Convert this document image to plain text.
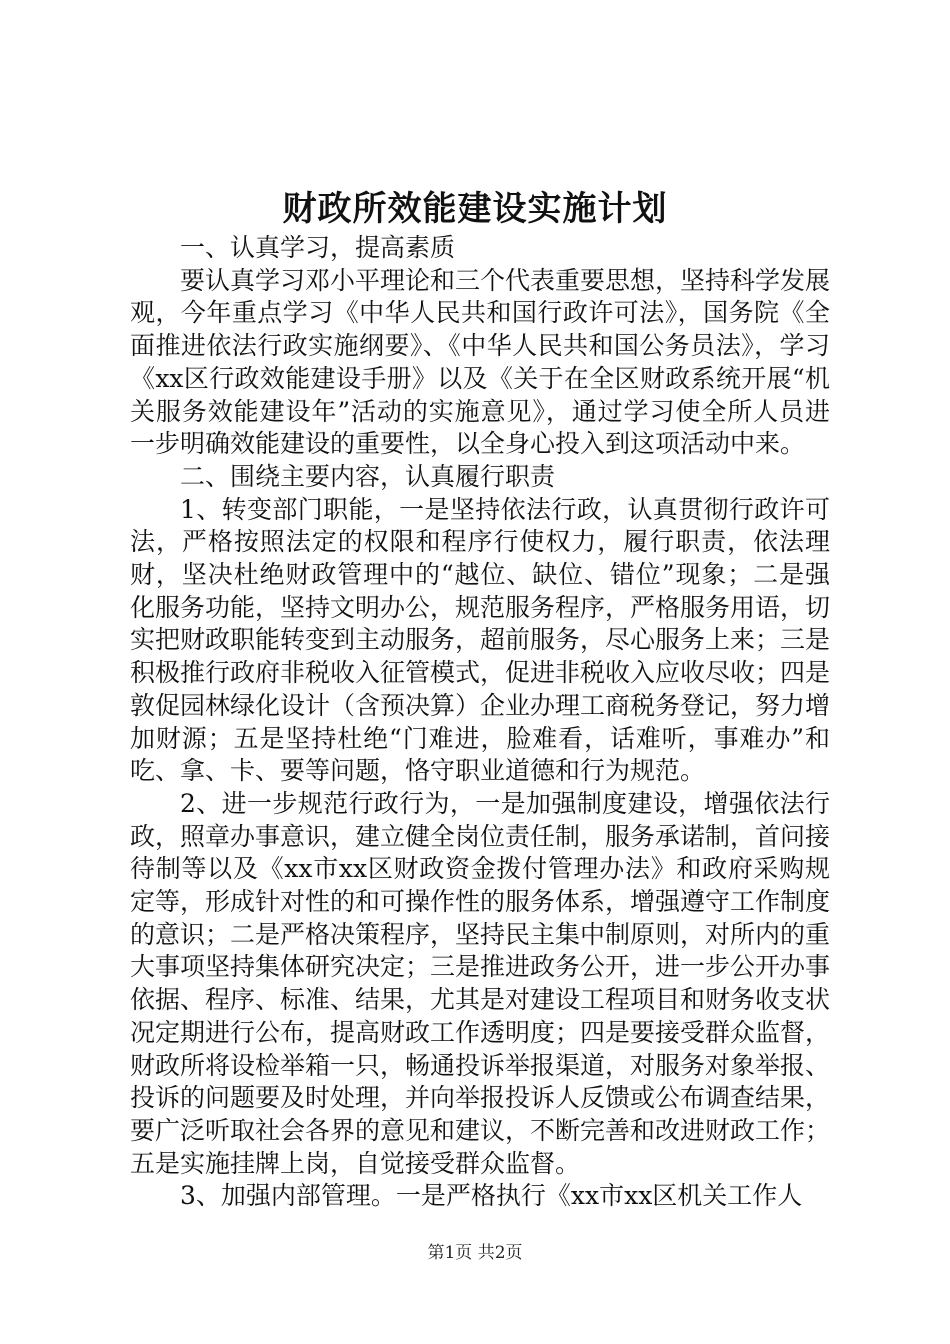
财政所效能建设实施计划

一、认真学习，提高素质

要认真学习邓小平理论和三个代表重要思想，坚持科学发展观，今年重点学习《中华人民共和国行政许可法》，国务院《全面推进依法行政实施纲要》、《中华人民共和国公务员法》，学习《xx区行政效能建设手册》以及《关于在全区财政系统开展“机关服务效能建设年”活动的实施意见》，通过学习使全所人员进一步明确效能建设的重要性，以全身心投入到这项活动中来。

二、围绕主要内容，认真履行职责

1、转变部门职能，一是坚持依法行政，认真贯彻行政许可法，严格按照法定的权限和程序行使权力，履行职责，依法理财，坚决杜绝财政管理中的“越位、缺位、错位”现象；二是强化服务功能，坚持文明办公，规范服务程序，严格服务用语，切实把财政职能转变到主动服务，超前服务，尽心服务上来；三是积极推行政府非税收入征管模式，促进非税收入应收尽收；四是敦促园林绿化设计（含预决算）企业办理工商税务登记，努力增加财源；五是坚持杜绝“门难进，脸难看，话难听，事难办”和吃、拿、卡、要等问题，恪守职业道德和行为规范。

2、进一步规范行政行为，一是加强制度建设，增强依法行政，照章办事意识，建立健全岗位责任制，服务承诺制，首问接待制等以及《xx市xx区财政资金拨付管理办法》和政府采购规定等，形成针对性的和可操作性的服务体系，增强遵守工作制度的意识；二是严格决策程序，坚持民主集中制原则，对所内的重大事项坚持集体研究决定；三是推进政务公开，进一步公开办事依据、程序、标准、结果，尤其是对建设工程项目和财务收支状况定期进行公布，提高财政工作透明度；四是要接受群众监督，财政所将设检举箱一只，畅通投诉举报渠道，对服务对象举报、投诉的问题要及时处理，并向举报投诉人反馈或公布调查结果，要广泛听取社会各界的意见和建议，不断完善和改进财政工作；五是实施挂牌上岗，自觉接受群众监督。

3、加强内部管理。一是严格执行《xx市xx区机关工作人

第1页 共2页
